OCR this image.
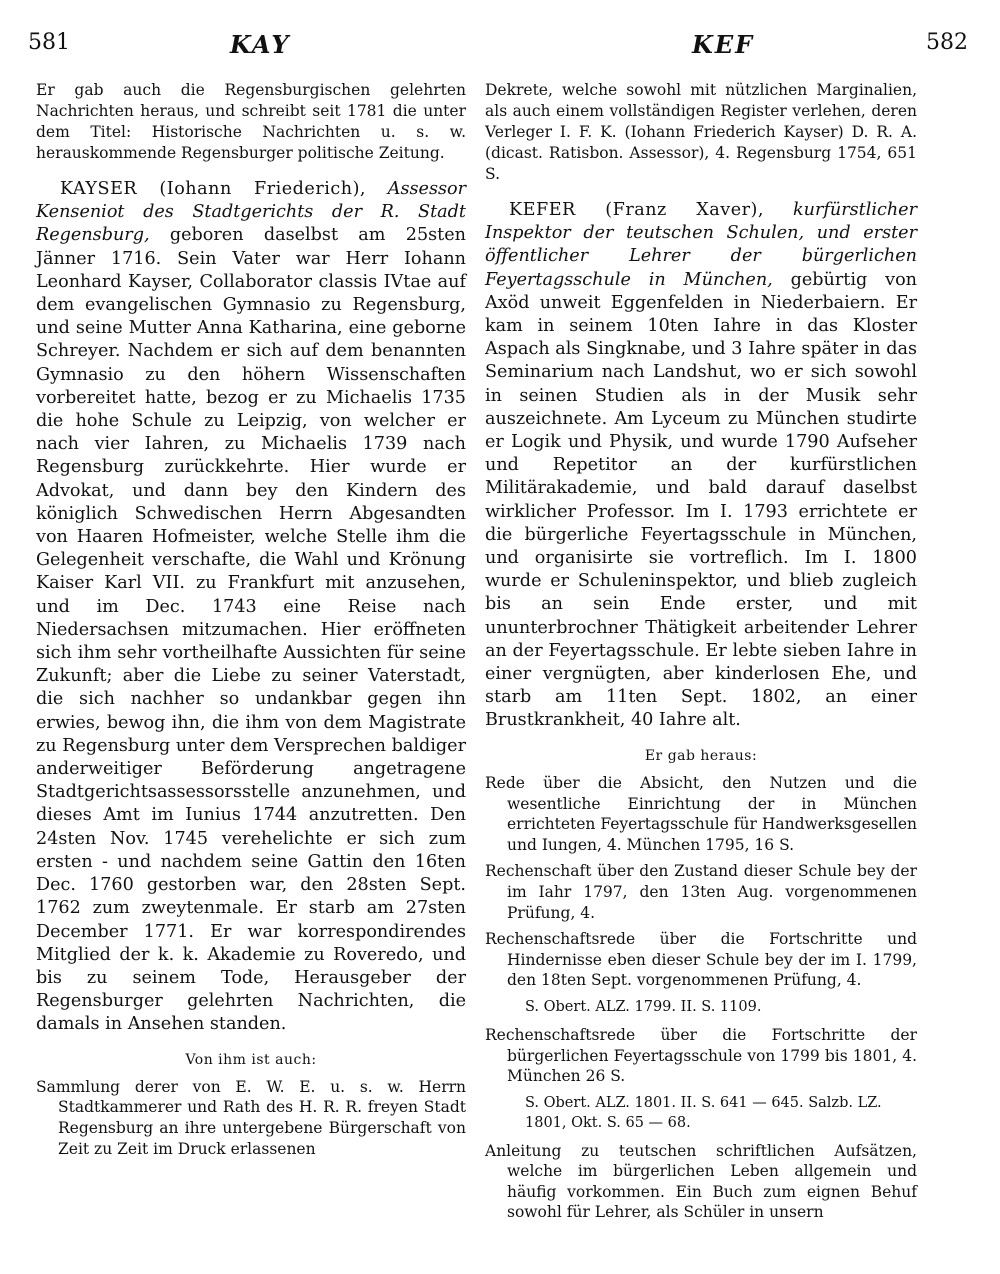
581	KAY	KEF	582

Er gab auch die Regensburgischen gelehrten Nachrichten heraus, und schreibt seit 1781 die unter dem Titel: Historische Nachrichten u. s. w. herauskommende Regensburger politische Zeitung.

KAYSER (Iohann Friederich), Assessor Kenseniot des Stadtgerichts der R. Stadt Regensburg, geboren daselbst am 25sten Jänner 1716. Sein Vater war Herr Iohann Leonhard Kayser, Collaborator classis IVtae auf dem evangelischen Gymnasio zu Regensburg, und seine Mutter Anna Katharina, eine geborne Schreyer. Nachdem er sich auf dem benannten Gymnasio zu den höhern Wissenschaften vorbereitet hatte, bezog er zu Michaelis 1735 die hohe Schule zu Leipzig, von welcher er nach vier Iahren, zu Michaelis 1739 nach Regensburg zurückkehrte. Hier wurde er Advokat, und dann bey den Kindern des königlich Schwedischen Herrn Abgesandten von Haaren Hofmeister, welche Stelle ihm die Gelegenheit verschafte, die Wahl und Krönung Kaiser Karl VII. zu Frankfurt mit anzusehen, und im Dec. 1743 eine Reise nach Niedersachsen mitzumachen. Hier eröffneten sich ihm sehr vortheilhafte Aussichten für seine Zukunft; aber die Liebe zu seiner Vaterstadt, die sich nachher so undankbar gegen ihn erwies, bewog ihn, die ihm von dem Magistrate zu Regensburg unter dem Versprechen baldiger anderweitiger Beförderung angetragene Stadtgerichtsassessorsstelle anzunehmen, und dieses Amt im Iunius 1744 anzutretten. Den 24sten Nov. 1745 verehelichte er sich zum ersten - und nachdem seine Gattin den 16ten Dec. 1760 gestorben war, den 28sten Sept. 1762 zum zweytenmale. Er starb am 27sten December 1771. Er war korrespondirendes Mitglied der k. k. Akademie zu Roveredo, und bis zu seinem Tode, Herausgeber der Regensburger gelehrten Nachrichten, die damals in Ansehen standen.

Von ihm ist auch:

Sammlung derer von E. W. E. u. s. w. Herrn Stadtkammerer und Rath des H. R. R. freyen Stadt Regensburg an ihre untergebene Bürgerschaft von Zeit zu Zeit im Druck erlassenen

Dekrete, welche sowohl mit nützlichen Marginalien, als auch einem vollständigen Register verlehen, deren Verleger I. F. K. (Iohann Friederich Kayser) D. R. A. (dicast. Ratisbon. Assessor), 4. Regensburg 1754, 651 S.

KEFER (Franz Xaver), kurfürstlicher Inspektor der teutschen Schulen, und erster öffentlicher Lehrer der bürgerlichen Feyertagsschule in München, gebürtig von Axöd unweit Eggenfelden in Niederbaiern. Er kam in seinem 10ten Iahre in das Kloster Aspach als Singknabe, und 3 Iahre später in das Seminarium nach Landshut, wo er sich sowohl in seinen Studien als in der Musik sehr auszeichnete. Am Lyceum zu München studirte er Logik und Physik, und wurde 1790 Aufseher und Repetitor an der kurfürstlichen Militärakademie, und bald darauf daselbst wirklicher Professor. Im I. 1793 errichtete er die bürgerliche Feyertagsschule in München, und organisirte sie vortreflich. Im I. 1800 wurde er Schuleninspektor, und blieb zugleich bis an sein Ende erster, und mit ununterbrochner Thätigkeit arbeitender Lehrer an der Feyertagsschule. Er lebte sieben Iahre in einer vergnügten, aber kinderlosen Ehe, und starb am 11ten Sept. 1802, an einer Brustkrankheit, 40 Iahre alt.

Er gab heraus:

Rede über die Absicht, den Nutzen und die wesentliche Einrichtung der in München errichteten Feyertagsschule für Handwerksgesellen und Iungen, 4. München 1795, 16 S.

Rechenschaft über den Zustand dieser Schule bey der im Iahr 1797, den 13ten Aug. vorgenommenen Prüfung, 4.

Rechenschaftsrede über die Fortschritte und Hindernisse eben dieser Schule bey der im I. 1799, den 18ten Sept. vorgenommenen Prüfung, 4.

S. Obert. ALZ. 1799. II. S. 1109.

Rechenschaftsrede über die Fortschritte der bürgerlichen Feyertagsschule von 1799 bis 1801, 4. München 26 S.

S. Obert. ALZ. 1801. II. S. 641 — 645. Salzb. LZ. 1801, Okt. S. 65 — 68.

Anleitung zu teutschen schriftlichen Aufsätzen, welche im bürgerlichen Leben allgemein und häufig vorkommen. Ein Buch zum eignen Behuf sowohl für Lehrer, als Schüler in unsern
